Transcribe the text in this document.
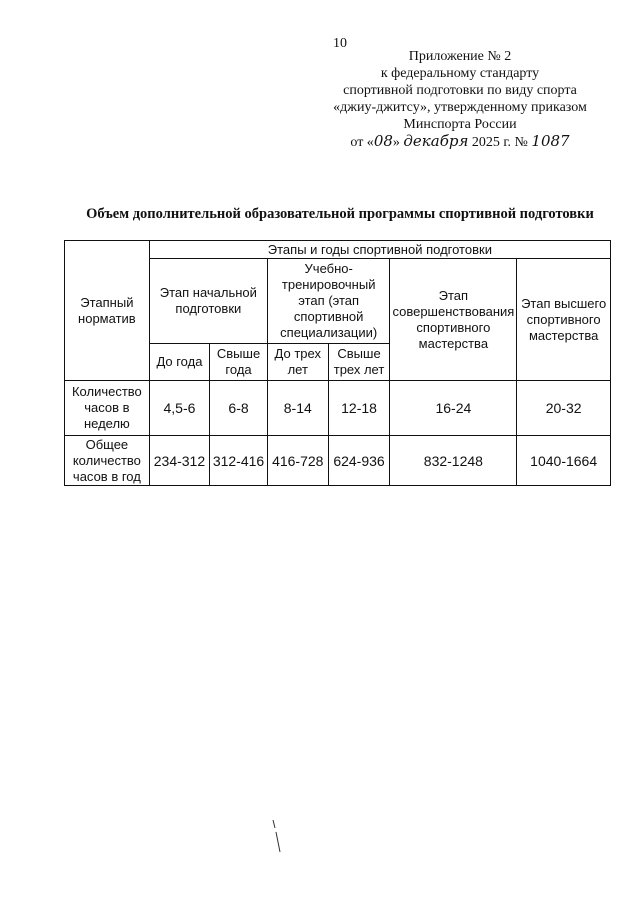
10
Приложение № 2
к федеральному стандарту
спортивной подготовки по виду спорта
«джиу-джитсу», утвержденному приказом
Минспорта России
от «08» декабря 2025 г. № 1087
Объем дополнительной образовательной программы спортивной подготовки
Этапный норматив	Этапы и годы спортивной подготовки					
	Этап начальной подготовки		Учебно-тренировочный этап (этап спортивной специализации)		Этап совершенствования спортивного мастерства	Этап высшего спортивного мастерства
	До года	Свыше года	До трех лет	Свыше трех лет		
Количество часов в неделю	4,5-6	6-8	8-14	12-18	16-24	20-32
Общее количество часов в год	234-312	312-416	416-728	624-936	832-1248	1040-1664
